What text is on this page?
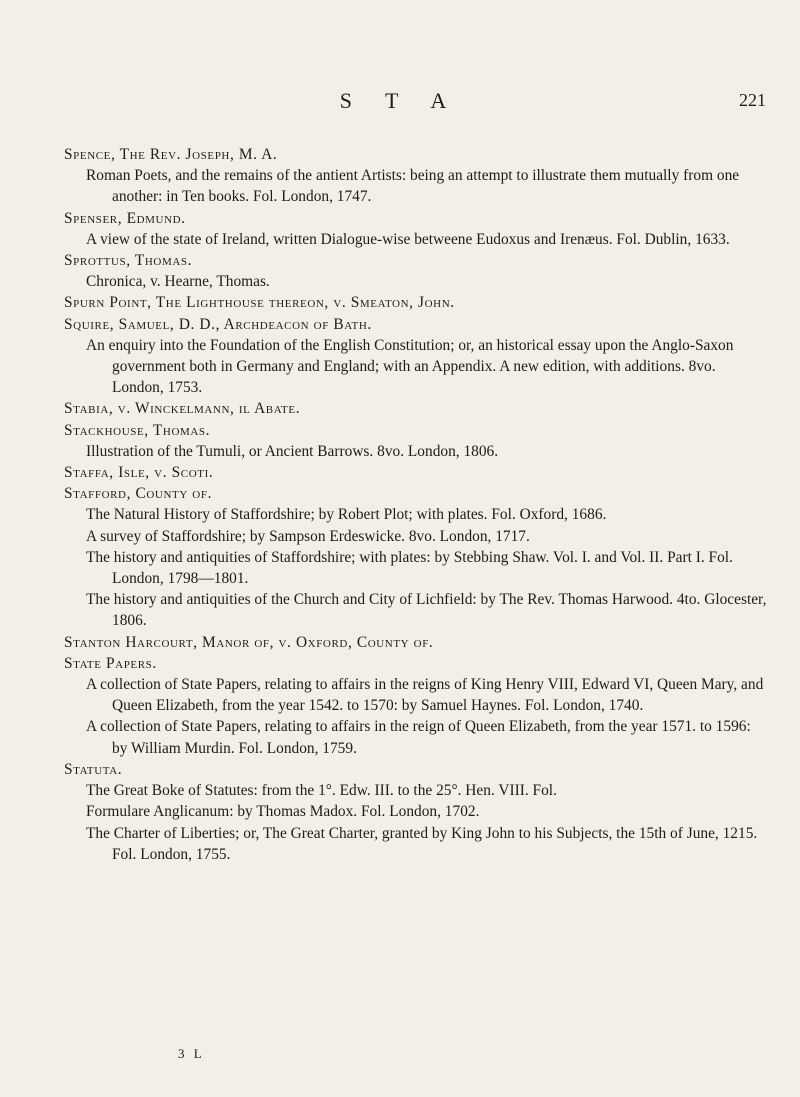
S T A	221

Spence, The Rev. Joseph, M. A.

Roman Poets, and the remains of the antient Artists: being an attempt to illustrate them mutually from one another: in Ten books. Fol. London, 1747.

Spenser, Edmund.

A view of the state of Ireland, written Dialogue-wise betweene Eudoxus and Irenæus. Fol. Dublin, 1633.

Sprottus, Thomas.

Chronica, v. Hearne, Thomas.

Spurn Point, The Lighthouse thereon, v. Smeaton, John.

Squire, Samuel, D. D., Archdeacon of Bath.

An enquiry into the Foundation of the English Constitution; or, an historical essay upon the Anglo-Saxon government both in Germany and England; with an Appendix. A new edition, with additions. 8vo. London, 1753.

Stabia, v. Winckelmann, il Abate.

Stackhouse, Thomas.

Illustration of the Tumuli, or Ancient Barrows. 8vo. London, 1806.

Staffa, Isle, v. Scoti.

Stafford, County of.

The Natural History of Staffordshire; by Robert Plot; with plates. Fol. Oxford, 1686.

A survey of Staffordshire; by Sampson Erdeswicke. 8vo. London, 1717.

The history and antiquities of Staffordshire; with plates: by Stebbing Shaw. Vol. I. and Vol. II. Part I. Fol. London, 1798—1801.

The history and antiquities of the Church and City of Lichfield: by The Rev. Thomas Harwood. 4to. Glocester, 1806.

Stanton Harcourt, Manor of, v. Oxford, County of.

State Papers.

A collection of State Papers, relating to affairs in the reigns of King Henry VIII, Edward VI, Queen Mary, and Queen Elizabeth, from the year 1542. to 1570: by Samuel Haynes. Fol. London, 1740.

A collection of State Papers, relating to affairs in the reign of Queen Elizabeth, from the year 1571. to 1596: by William Murdin. Fol. London, 1759.

Statuta.

The Great Boke of Statutes: from the 1°. Edw. III. to the 25°. Hen. VIII. Fol.

Formulare Anglicanum: by Thomas Madox. Fol. London, 1702.

The Charter of Liberties; or, The Great Charter, granted by King John to his Subjects, the 15th of June, 1215. Fol. London, 1755.

3 L
